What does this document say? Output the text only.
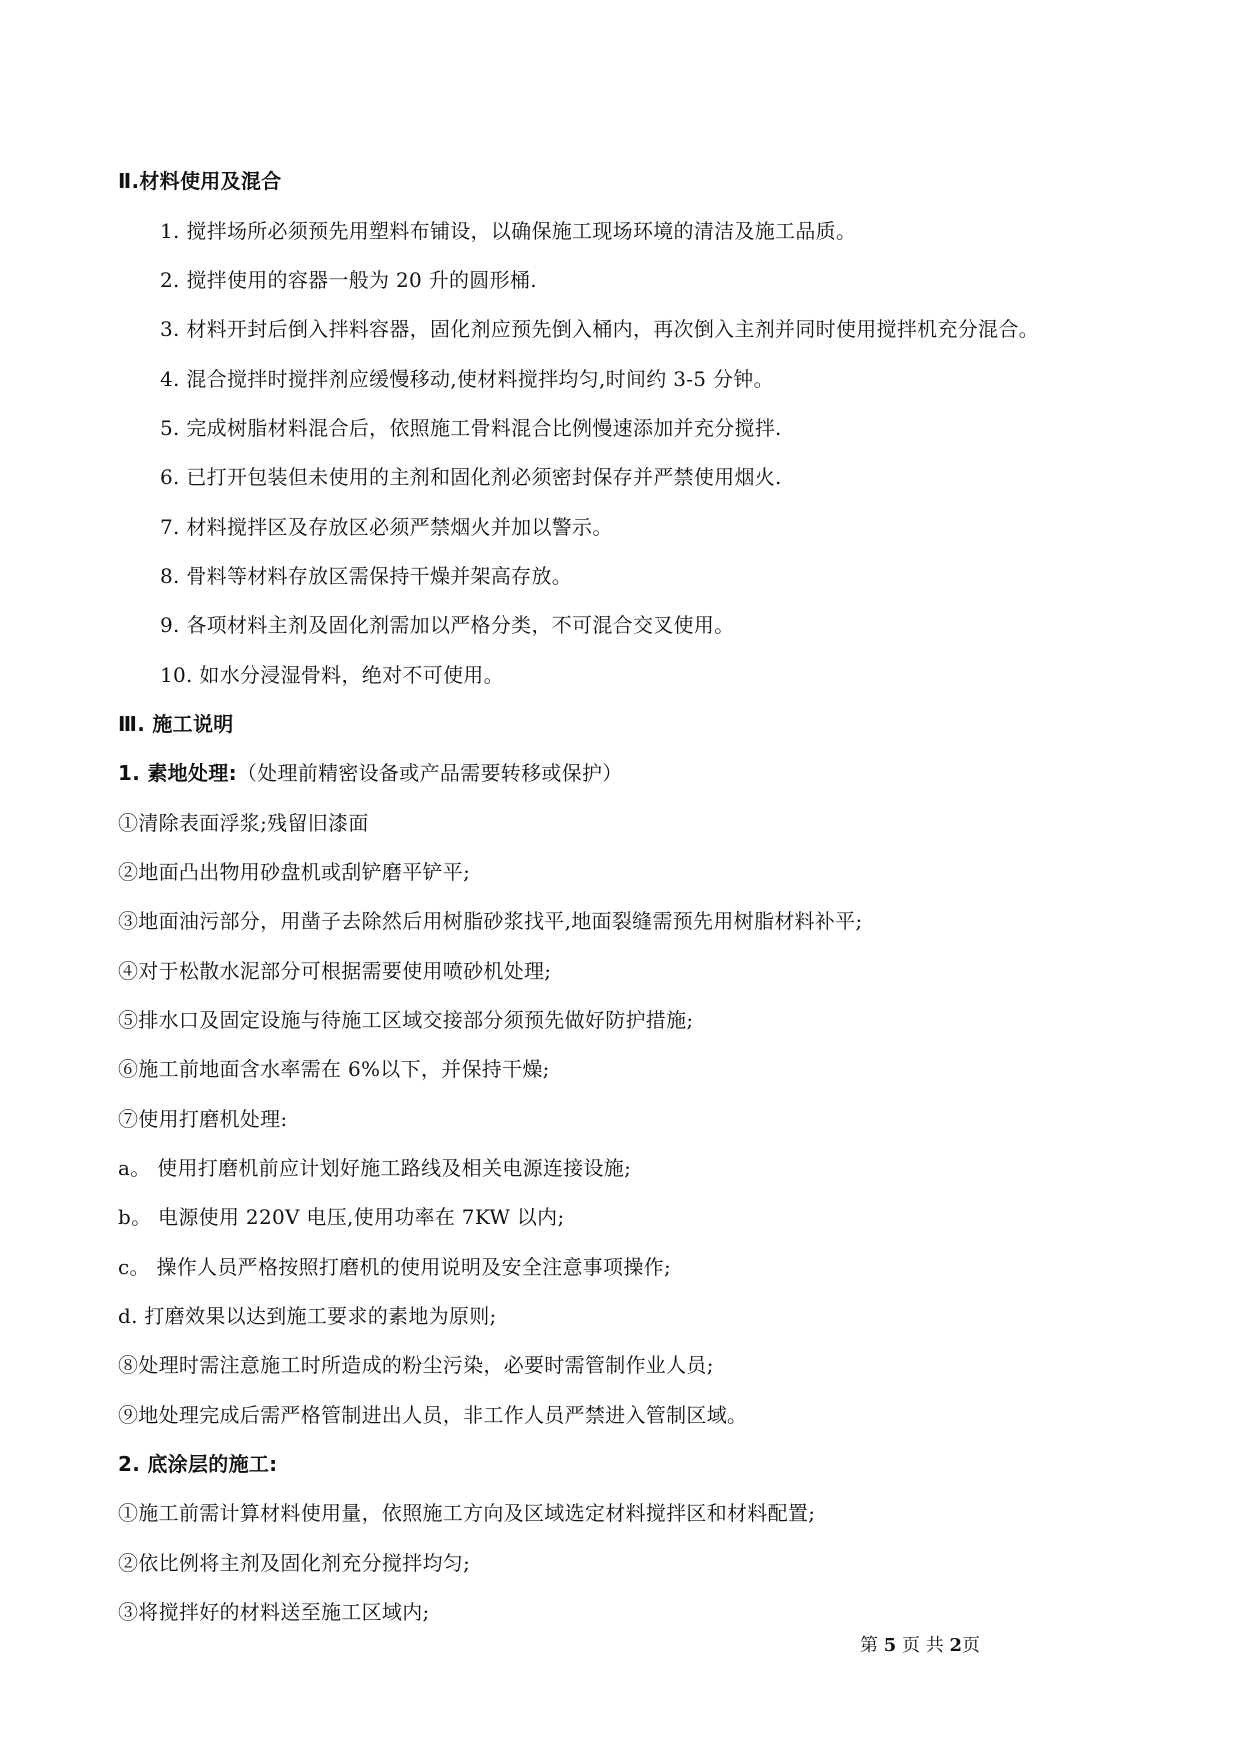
Ⅱ.材料使用及混合
1. 搅拌场所必须预先用塑料布铺设，以确保施工现场环境的清洁及施工品质。
2. 搅拌使用的容器一般为 20 升的圆形桶.
3. 材料开封后倒入拌料容器，固化剂应预先倒入桶内，再次倒入主剂并同时使用搅拌机充分混合。
4. 混合搅拌时搅拌剂应缓慢移动,使材料搅拌均匀,时间约 3-5 分钟。
5. 完成树脂材料混合后，依照施工骨料混合比例慢速添加并充分搅拌.
6. 已打开包装但未使用的主剂和固化剂必须密封保存并严禁使用烟火.
7. 材料搅拌区及存放区必须严禁烟火并加以警示。
8. 骨料等材料存放区需保持干燥并架高存放。
9. 各项材料主剂及固化剂需加以严格分类，不可混合交叉使用。
10. 如水分浸湿骨料，绝对不可使用。
Ⅲ. 施工说明
1. 素地处理:（处理前精密设备或产品需要转移或保护）
①清除表面浮浆;残留旧漆面
②地面凸出物用砂盘机或刮铲磨平铲平;
③地面油污部分，用凿子去除然后用树脂砂浆找平,地面裂缝需预先用树脂材料补平;
④对于松散水泥部分可根据需要使用喷砂机处理;
⑤排水口及固定设施与待施工区域交接部分须预先做好防护措施;
⑥施工前地面含水率需在 6%以下，并保持干燥;
⑦使用打磨机处理:
a。 使用打磨机前应计划好施工路线及相关电源连接设施;
b。 电源使用 220V 电压,使用功率在 7KW 以内;
c。 操作人员严格按照打磨机的使用说明及安全注意事项操作;
d. 打磨效果以达到施工要求的素地为原则;
⑧处理时需注意施工时所造成的粉尘污染，必要时需管制作业人员;
⑨地处理完成后需严格管制进出人员，非工作人员严禁进入管制区域。
2. 底涂层的施工:
①施工前需计算材料使用量，依照施工方向及区域选定材料搅拌区和材料配置;
②依比例将主剂及固化剂充分搅拌均匀;
③将搅拌好的材料送至施工区域内;
第 5 页 共 2页
